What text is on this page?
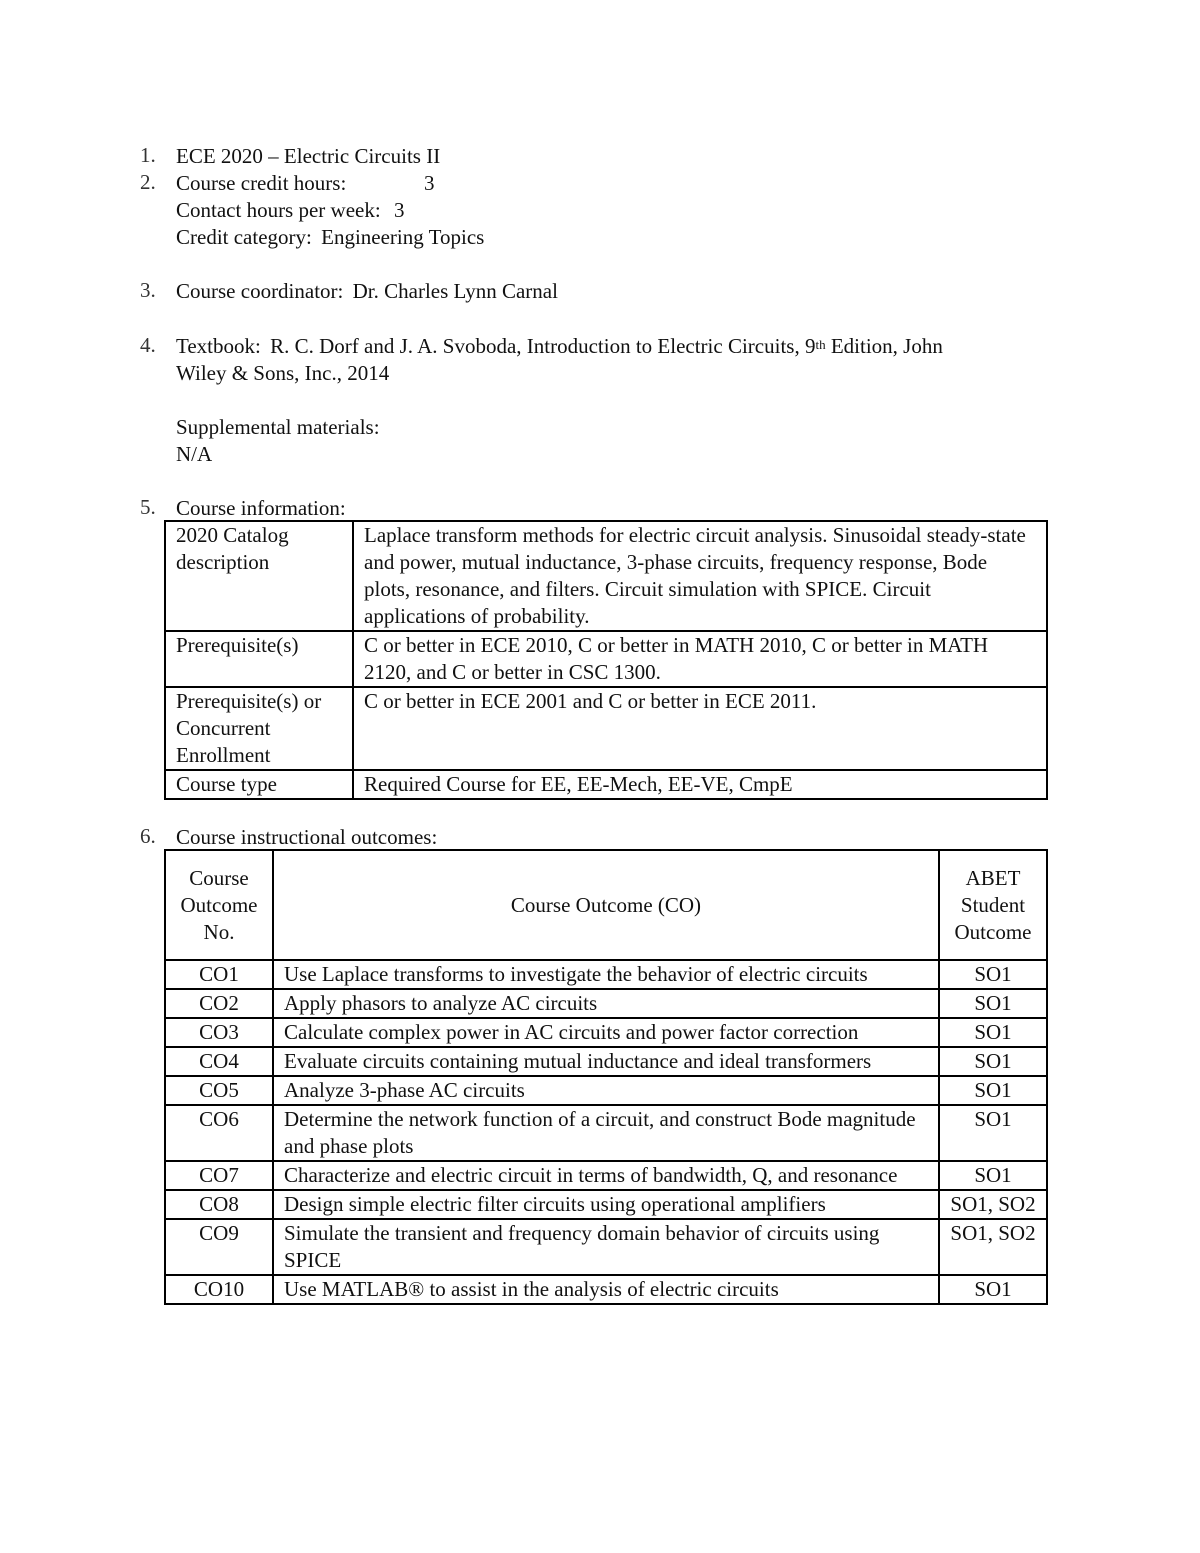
1. ECE 2020 – Electric Circuits II
2. Course credit hours:	3
Contact hours per week: 3
Credit category: Engineering Topics
3. Course coordinator: Dr. Charles Lynn Carnal
4. Textbook: R. C. Dorf and J. A. Svoboda, Introduction to Electric Circuits, 9th Edition, John
Wiley & Sons, Inc., 2014
Supplemental materials:
N/A
5. Course information:
2020 Catalog description	Laplace transform methods for electric circuit analysis. Sinusoidal steady-state and power, mutual inductance, 3-phase circuits, frequency response, Bode plots, resonance, and filters. Circuit simulation with SPICE. Circuit applications of probability.
Prerequisite(s)	C or better in ECE 2010, C or better in MATH 2010, C or better in MATH 2120, and C or better in CSC 1300.
Prerequisite(s) or Concurrent Enrollment	C or better in ECE 2001 and C or better in ECE 2011.
Course type	Required Course for EE, EE-Mech, EE-VE, CmpE
6. Course instructional outcomes:
Course Outcome No.	Course Outcome (CO)	ABET Student Outcome
CO1	Use Laplace transforms to investigate the behavior of electric circuits	SO1
CO2	Apply phasors to analyze AC circuits	SO1
CO3	Calculate complex power in AC circuits and power factor correction	SO1
CO4	Evaluate circuits containing mutual inductance and ideal transformers	SO1
CO5	Analyze 3-phase AC circuits	SO1
CO6	Determine the network function of a circuit, and construct Bode magnitude and phase plots	SO1
CO7	Characterize and electric circuit in terms of bandwidth, Q, and resonance	SO1
CO8	Design simple electric filter circuits using operational amplifiers	SO1, SO2
CO9	Simulate the transient and frequency domain behavior of circuits using SPICE	SO1, SO2
CO10	Use MATLAB® to assist in the analysis of electric circuits	SO1
